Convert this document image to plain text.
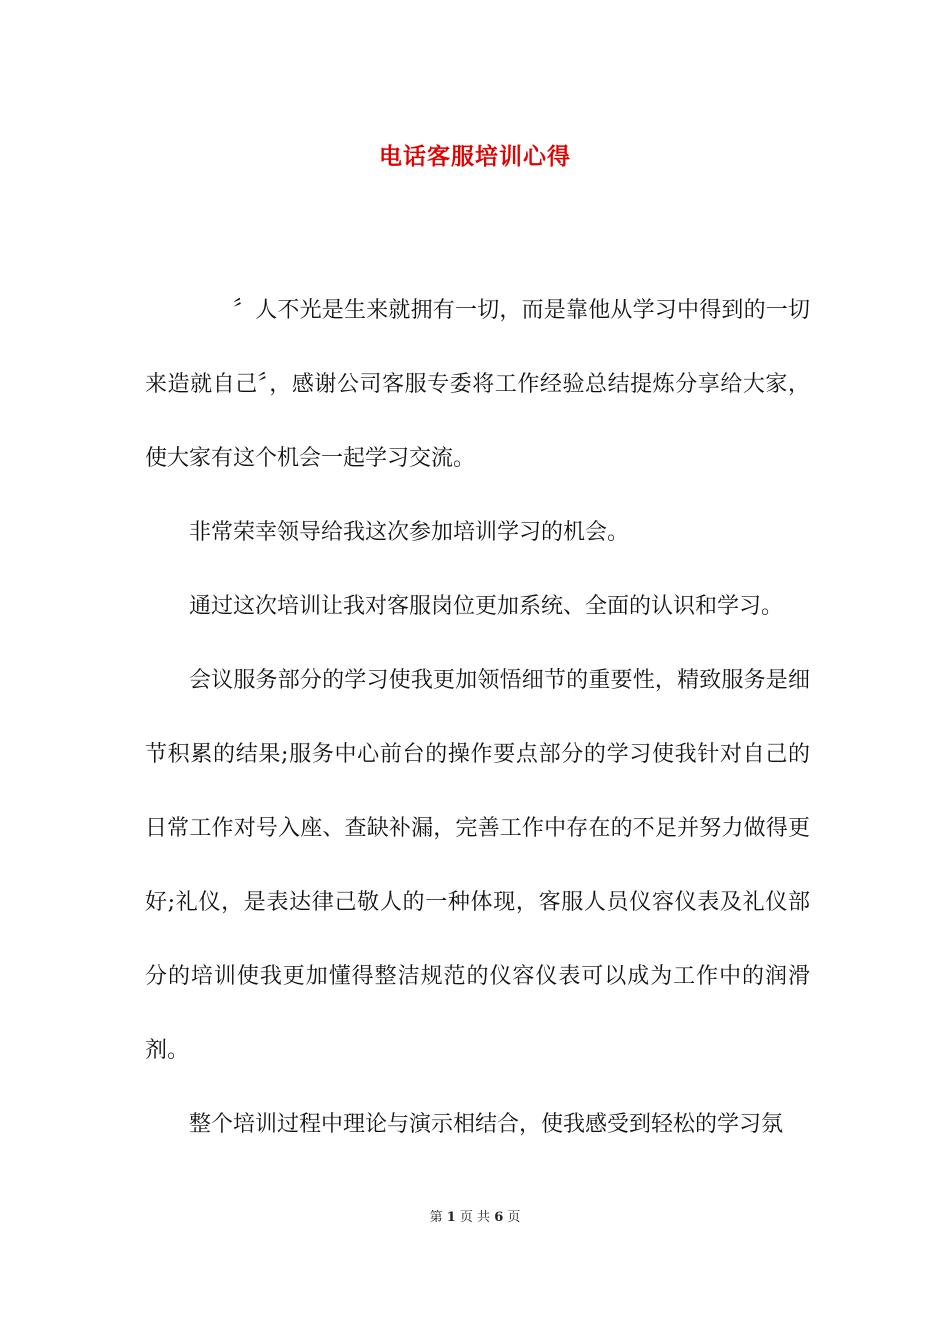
电话客服培训心得

〞人不光是生来就拥有一切，而是靠他从学习中得到的一切来造就自己〞，感谢公司客服专委将工作经验总结提炼分享给大家，使大家有这个机会一起学习交流。

非常荣幸领导给我这次参加培训学习的机会。

通过这次培训让我对客服岗位更加系统、全面的认识和学习。

会议服务部分的学习使我更加领悟细节的重要性，精致服务是细节积累的结果;服务中心前台的操作要点部分的学习使我针对自己的日常工作对号入座、查缺补漏，完善工作中存在的不足并努力做得更好;礼仪，是表达律己敬人的一种体现，客服人员仪容仪表及礼仪部分的培训使我更加懂得整洁规范的仪容仪表可以成为工作中的润滑剂。

整个培训过程中理论与演示相结合，使我感受到轻松的学习氛

第 1 页 共 6 页
